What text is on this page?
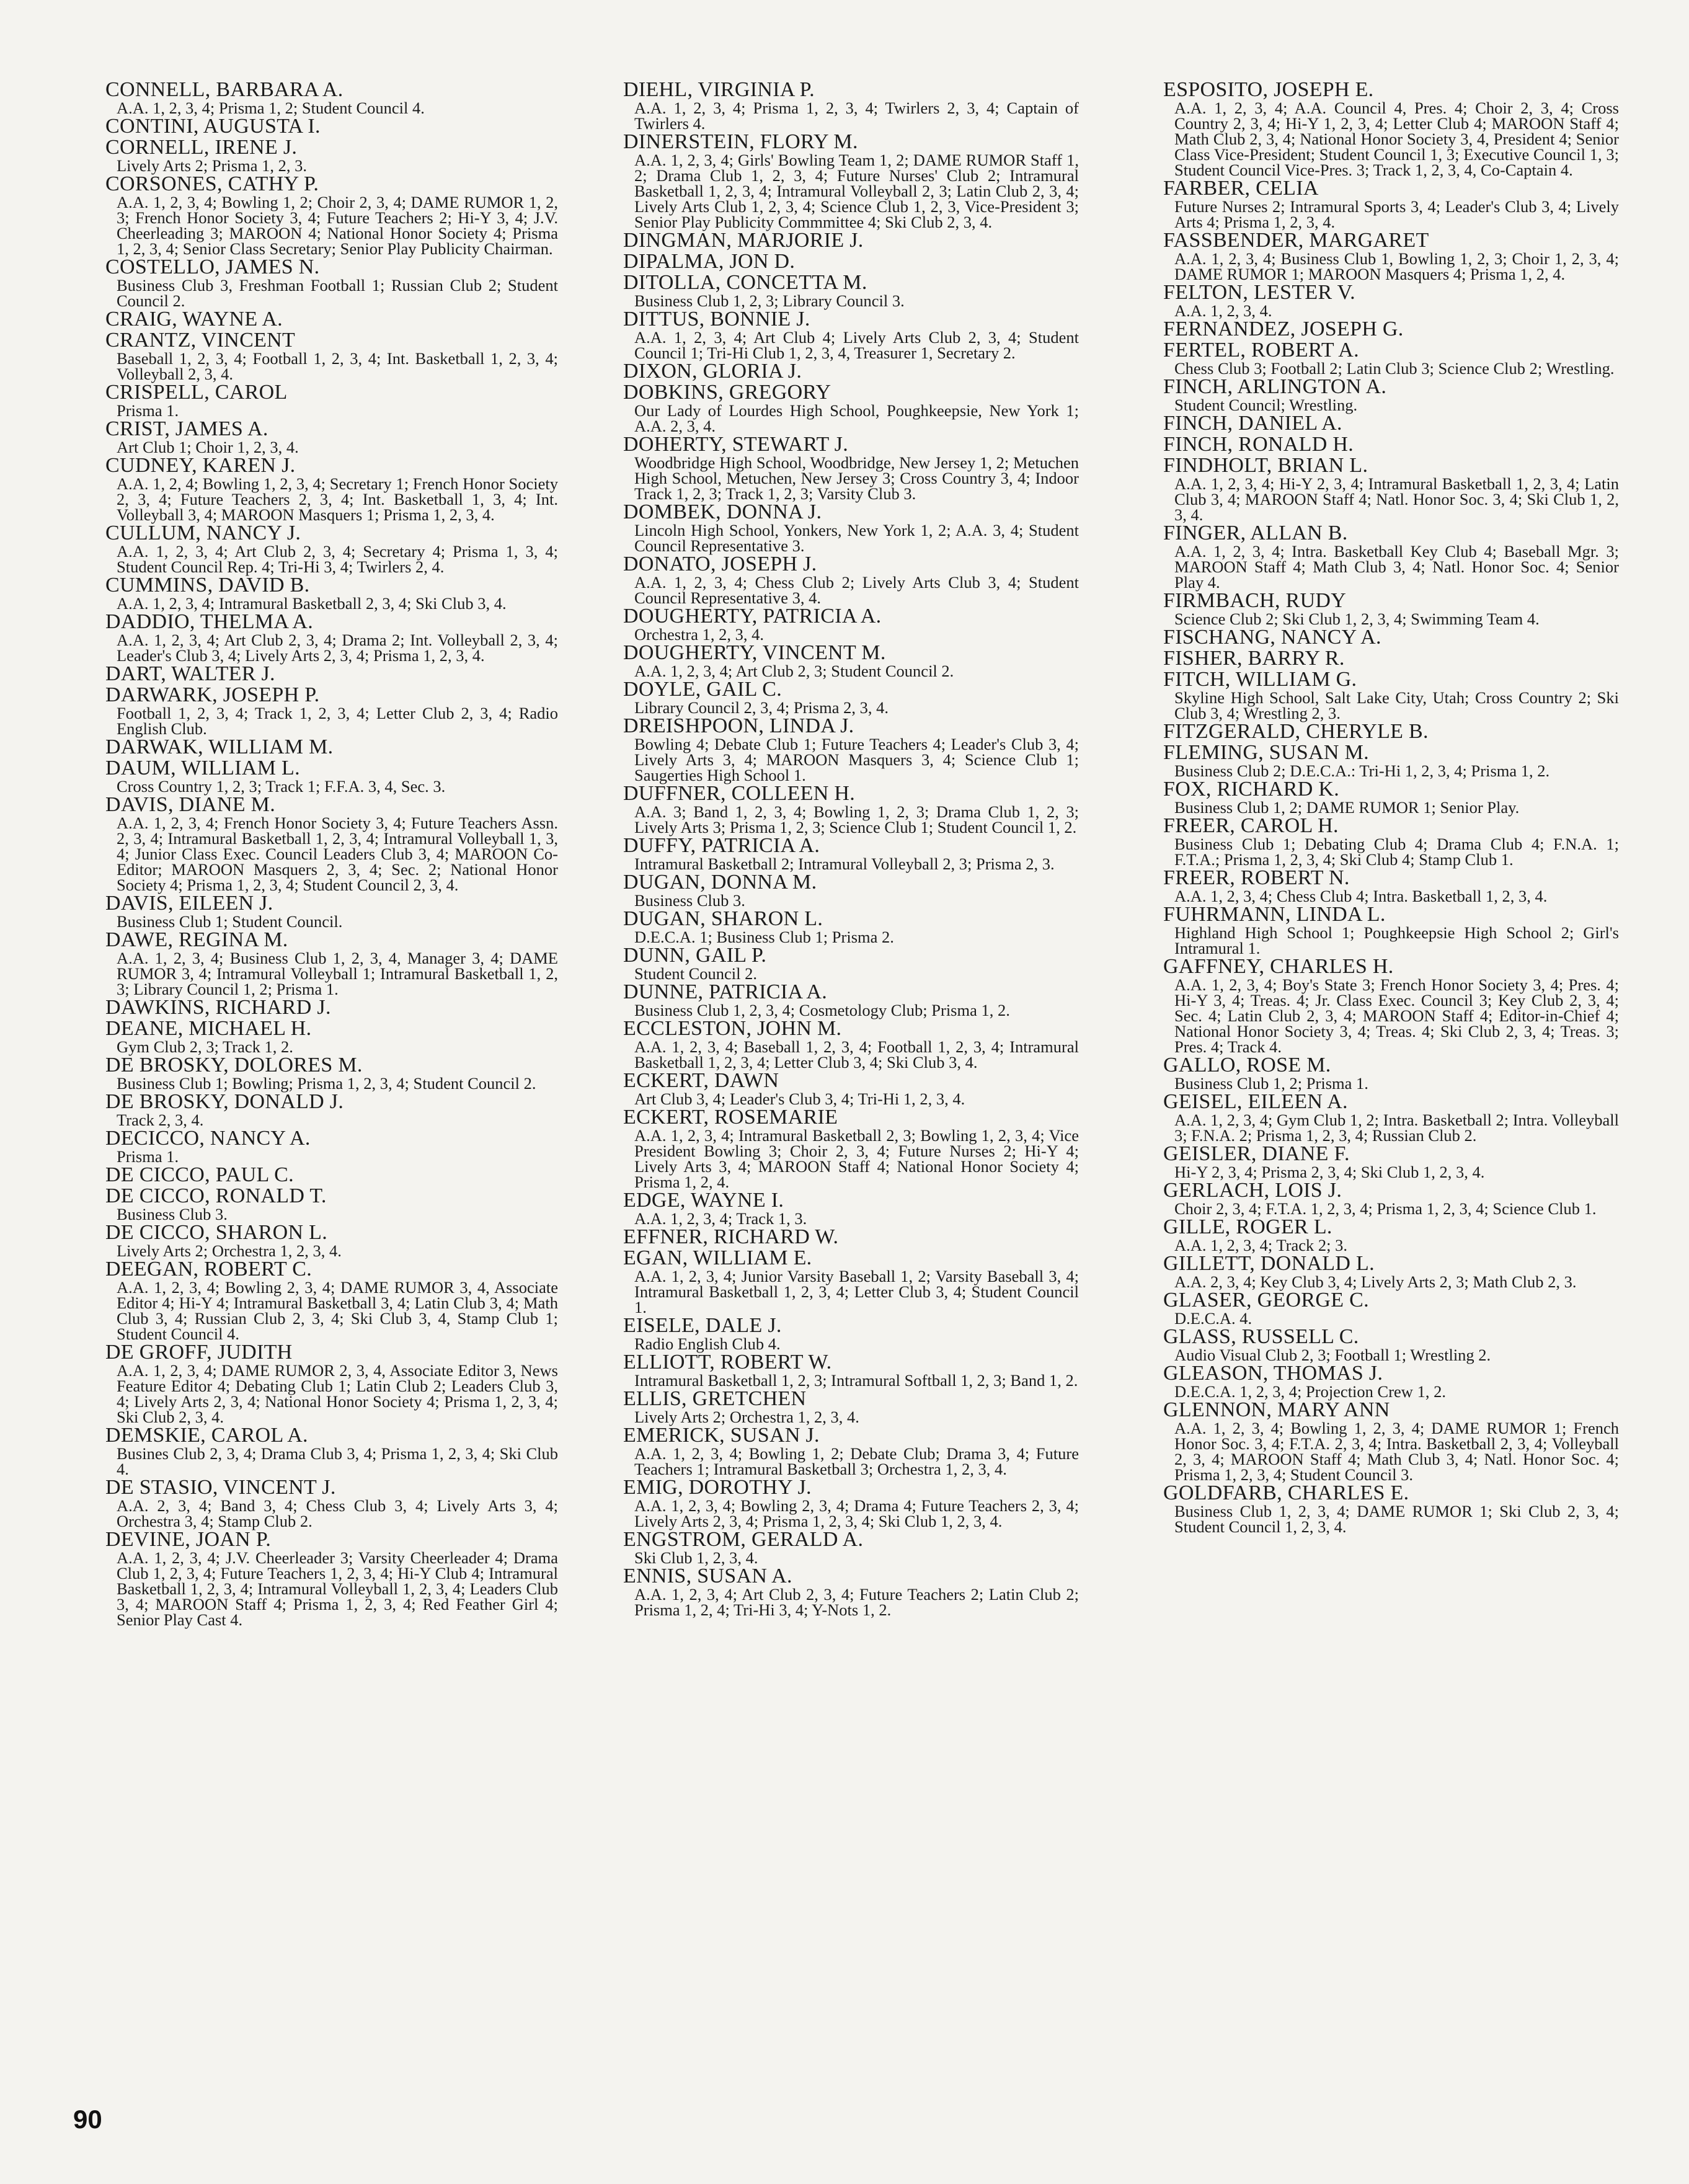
CONNELL, BARBARA A.

A.A. 1, 2, 3, 4; Prisma 1, 2; Student Council 4.

CONTINI, AUGUSTA I.

CORNELL, IRENE J.

Lively Arts 2; Prisma 1, 2, 3.

CORSONES, CATHY P.

A.A. 1, 2, 3, 4; Bowling 1, 2; Choir 2, 3, 4; DAME RUMOR 1, 2, 3; French Honor Society 3, 4; Future Teachers 2; Hi-Y 3, 4; J.V. Cheerleading 3; MAROON 4; National Honor Society 4; Prisma 1, 2, 3, 4; Senior Class Secretary; Senior Play Publicity Chairman.

COSTELLO, JAMES N.

Business Club 3, Freshman Football 1; Russian Club 2; Student Council 2.

CRAIG, WAYNE A.

CRANTZ, VINCENT

Baseball 1, 2, 3, 4; Football 1, 2, 3, 4; Int. Basketball 1, 2, 3, 4; Volleyball 2, 3, 4.

CRISPELL, CAROL

Prisma 1.

CRIST, JAMES A.

Art Club 1; Choir 1, 2, 3, 4.

CUDNEY, KAREN J.

A.A. 1, 2, 4; Bowling 1, 2, 3, 4; Secretary 1; French Honor Society 2, 3, 4; Future Teachers 2, 3, 4; Int. Basketball 1, 3, 4; Int. Volleyball 3, 4; MAROON Masquers 1; Prisma 1, 2, 3, 4.

CULLUM, NANCY J.

A.A. 1, 2, 3, 4; Art Club 2, 3, 4; Secretary 4; Prisma 1, 3, 4; Student Council Rep. 4; Tri-Hi 3, 4; Twirlers 2, 4.

CUMMINS, DAVID B.

A.A. 1, 2, 3, 4; Intramural Basketball 2, 3, 4; Ski Club 3, 4.

DADDIO, THELMA A.

A.A. 1, 2, 3, 4; Art Club 2, 3, 4; Drama 2; Int. Volleyball 2, 3, 4; Leader's Club 3, 4; Lively Arts 2, 3, 4; Prisma 1, 2, 3, 4.

DART, WALTER J.

DARWARK, JOSEPH P.

Football 1, 2, 3, 4; Track 1, 2, 3, 4; Letter Club 2, 3, 4; Radio English Club.

DARWAK, WILLIAM M.

DAUM, WILLIAM L.

Cross Country 1, 2, 3; Track 1; F.F.A. 3, 4, Sec. 3.

DAVIS, DIANE M.

A.A. 1, 2, 3, 4; French Honor Society 3, 4; Future Teachers Assn. 2, 3, 4; Intramural Basketball 1, 2, 3, 4; Intramural Volleyball 1, 3, 4; Junior Class Exec. Council Leaders Club 3, 4; MAROON Co-Editor; MAROON Masquers 2, 3, 4; Sec. 2; National Honor Society 4; Prisma 1, 2, 3, 4; Student Council 2, 3, 4.

DAVIS, EILEEN J.

Business Club 1; Student Council.

DAWE, REGINA M.

A.A. 1, 2, 3, 4; Business Club 1, 2, 3, 4, Manager 3, 4; DAME RUMOR 3, 4; Intramural Volleyball 1; Intramural Basketball 1, 2, 3; Library Council 1, 2; Prisma 1.

DAWKINS, RICHARD J.

DEANE, MICHAEL H.

Gym Club 2, 3; Track 1, 2.

DE BROSKY, DOLORES M.

Business Club 1; Bowling; Prisma 1, 2, 3, 4; Student Council 2.

DE BROSKY, DONALD J.

Track 2, 3, 4.

DECICCO, NANCY A.

Prisma 1.

DE CICCO, PAUL C.

DE CICCO, RONALD T.

Business Club 3.

DE CICCO, SHARON L.

Lively Arts 2; Orchestra 1, 2, 3, 4.

DEEGAN, ROBERT C.

A.A. 1, 2, 3, 4; Bowling 2, 3, 4; DAME RUMOR 3, 4, Associate Editor 4; Hi-Y 4; Intramural Basketball 3, 4; Latin Club 3, 4; Math Club 3, 4; Russian Club 2, 3, 4; Ski Club 3, 4, Stamp Club 1; Student Council 4.

DE GROFF, JUDITH

A.A. 1, 2, 3, 4; DAME RUMOR 2, 3, 4, Associate Editor 3, News Feature Editor 4; Debating Club 1; Latin Club 2; Leaders Club 3, 4; Lively Arts 2, 3, 4; National Honor Society 4; Prisma 1, 2, 3, 4; Ski Club 2, 3, 4.

DEMSKIE, CAROL A.

Busines Club 2, 3, 4; Drama Club 3, 4; Prisma 1, 2, 3, 4; Ski Club 4.

DE STASIO, VINCENT J.

A.A. 2, 3, 4; Band 3, 4; Chess Club 3, 4; Lively Arts 3, 4; Orchestra 3, 4; Stamp Club 2.

DEVINE, JOAN P.

A.A. 1, 2, 3, 4; J.V. Cheerleader 3; Varsity Cheerleader 4; Drama Club 1, 2, 3, 4; Future Teachers 1, 2, 3, 4; Hi-Y Club 4; Intramural Basketball 1, 2, 3, 4; Intramural Volleyball 1, 2, 3, 4; Leaders Club 3, 4; MAROON Staff 4; Prisma 1, 2, 3, 4; Red Feather Girl 4; Senior Play Cast 4.

DIEHL, VIRGINIA P.

A.A. 1, 2, 3, 4; Prisma 1, 2, 3, 4; Twirlers 2, 3, 4; Captain of Twirlers 4.

DINERSTEIN, FLORY M.

A.A. 1, 2, 3, 4; Girls' Bowling Team 1, 2; DAME RUMOR Staff 1, 2; Drama Club 1, 2, 3, 4; Future Nurses' Club 2; Intramural Basketball 1, 2, 3, 4; Intramural Volleyball 2, 3; Latin Club 2, 3, 4; Lively Arts Club 1, 2, 3, 4; Science Club 1, 2, 3, Vice-President 3; Senior Play Publicity Commmittee 4; Ski Club 2, 3, 4.

DINGMAN, MARJORIE J.

DIPALMA, JON D.

DITOLLA, CONCETTA M.

Business Club 1, 2, 3; Library Council 3.

DITTUS, BONNIE J.

A.A. 1, 2, 3, 4; Art Club 4; Lively Arts Club 2, 3, 4; Student Council 1; Tri-Hi Club 1, 2, 3, 4, Treasurer 1, Secretary 2.

DIXON, GLORIA J.

DOBKINS, GREGORY

Our Lady of Lourdes High School, Poughkeepsie, New York 1; A.A. 2, 3, 4.

DOHERTY, STEWART J.

Woodbridge High School, Woodbridge, New Jersey 1, 2; Metuchen High School, Metuchen, New Jersey 3; Cross Country 3, 4; Indoor Track 1, 2, 3; Track 1, 2, 3; Varsity Club 3.

DOMBEK, DONNA J.

Lincoln High School, Yonkers, New York 1, 2; A.A. 3, 4; Student Council Representative 3.

DONATO, JOSEPH J.

A.A. 1, 2, 3, 4; Chess Club 2; Lively Arts Club 3, 4; Student Council Representative 3, 4.

DOUGHERTY, PATRICIA A.

Orchestra 1, 2, 3, 4.

DOUGHERTY, VINCENT M.

A.A. 1, 2, 3, 4; Art Club 2, 3; Student Council 2.

DOYLE, GAIL C.

Library Council 2, 3, 4; Prisma 2, 3, 4.

DREISHPOON, LINDA J.

Bowling 4; Debate Club 1; Future Teachers 4; Leader's Club 3, 4; Lively Arts 3, 4; MAROON Masquers 3, 4; Science Club 1; Saugerties High School 1.

DUFFNER, COLLEEN H.

A.A. 3; Band 1, 2, 3, 4; Bowling 1, 2, 3; Drama Club 1, 2, 3; Lively Arts 3; Prisma 1, 2, 3; Science Club 1; Student Council 1, 2.

DUFFY, PATRICIA A.

Intramural Basketball 2; Intramural Volleyball 2, 3; Prisma 2, 3.

DUGAN, DONNA M.

Business Club 3.

DUGAN, SHARON L.

D.E.C.A. 1; Business Club 1; Prisma 2.

DUNN, GAIL P.

Student Council 2.

DUNNE, PATRICIA A.

Business Club 1, 2, 3, 4; Cosmetology Club; Prisma 1, 2.

ECCLESTON, JOHN M.

A.A. 1, 2, 3, 4; Baseball 1, 2, 3, 4; Football 1, 2, 3, 4; Intramural Basketball 1, 2, 3, 4; Letter Club 3, 4; Ski Club 3, 4.

ECKERT, DAWN

Art Club 3, 4; Leader's Club 3, 4; Tri-Hi 1, 2, 3, 4.

ECKERT, ROSEMARIE

A.A. 1, 2, 3, 4; Intramural Basketball 2, 3; Bowling 1, 2, 3, 4; Vice President Bowling 3; Choir 2, 3, 4; Future Nurses 2; Hi-Y 4; Lively Arts 3, 4; MAROON Staff 4; National Honor Society 4; Prisma 1, 2, 4.

EDGE, WAYNE I.

A.A. 1, 2, 3, 4; Track 1, 3.

EFFNER, RICHARD W.

EGAN, WILLIAM E.

A.A. 1, 2, 3, 4; Junior Varsity Baseball 1, 2; Varsity Baseball 3, 4; Intramural Basketball 1, 2, 3, 4; Letter Club 3, 4; Student Council 1.

EISELE, DALE J.

Radio English Club 4.

ELLIOTT, ROBERT W.

Intramural Basketball 1, 2, 3; Intramural Softball 1, 2, 3; Band 1, 2.

ELLIS, GRETCHEN

Lively Arts 2; Orchestra 1, 2, 3, 4.

EMERICK, SUSAN J.

A.A. 1, 2, 3, 4; Bowling 1, 2; Debate Club; Drama 3, 4; Future Teachers 1; Intramural Basketball 3; Orchestra 1, 2, 3, 4.

EMIG, DOROTHY J.

A.A. 1, 2, 3, 4; Bowling 2, 3, 4; Drama 4; Future Teachers 2, 3, 4; Lively Arts 2, 3, 4; Prisma 1, 2, 3, 4; Ski Club 1, 2, 3, 4.

ENGSTROM, GERALD A.

Ski Club 1, 2, 3, 4.

ENNIS, SUSAN A.

A.A. 1, 2, 3, 4; Art Club 2, 3, 4; Future Teachers 2; Latin Club 2; Prisma 1, 2, 4; Tri-Hi 3, 4; Y-Nots 1, 2.

ESPOSITO, JOSEPH E.

A.A. 1, 2, 3, 4; A.A. Council 4, Pres. 4; Choir 2, 3, 4; Cross Country 2, 3, 4; Hi-Y 1, 2, 3, 4; Letter Club 4; MAROON Staff 4; Math Club 2, 3, 4; National Honor Society 3, 4, President 4; Senior Class Vice-President; Student Council 1, 3; Executive Council 1, 3; Student Council Vice-Pres. 3; Track 1, 2, 3, 4, Co-Captain 4.

FARBER, CELIA

Future Nurses 2; Intramural Sports 3, 4; Leader's Club 3, 4; Lively Arts 4; Prisma 1, 2, 3, 4.

FASSBENDER, MARGARET

A.A. 1, 2, 3, 4; Business Club 1, Bowling 1, 2, 3; Choir 1, 2, 3, 4; DAME RUMOR 1; MAROON Masquers 4; Prisma 1, 2, 4.

FELTON, LESTER V.

A.A. 1, 2, 3, 4.

FERNANDEZ, JOSEPH G.

FERTEL, ROBERT A.

Chess Club 3; Football 2; Latin Club 3; Science Club 2; Wrestling.

FINCH, ARLINGTON A.

Student Council; Wrestling.

FINCH, DANIEL A.

FINCH, RONALD H.

FINDHOLT, BRIAN L.

A.A. 1, 2, 3, 4; Hi-Y 2, 3, 4; Intramural Basketball 1, 2, 3, 4; Latin Club 3, 4; MAROON Staff 4; Natl. Honor Soc. 3, 4; Ski Club 1, 2, 3, 4.

FINGER, ALLAN B.

A.A. 1, 2, 3, 4; Intra. Basketball Key Club 4; Baseball Mgr. 3; MAROON Staff 4; Math Club 3, 4; Natl. Honor Soc. 4; Senior Play 4.

FIRMBACH, RUDY

Science Club 2; Ski Club 1, 2, 3, 4; Swimming Team 4.

FISCHANG, NANCY A.

FISHER, BARRY R.

FITCH, WILLIAM G.

Skyline High School, Salt Lake City, Utah; Cross Country 2; Ski Club 3, 4; Wrestling 2, 3.

FITZGERALD, CHERYLE B.

FLEMING, SUSAN M.

Business Club 2; D.E.C.A.: Tri-Hi 1, 2, 3, 4; Prisma 1, 2.

FOX, RICHARD K.

Business Club 1, 2; DAME RUMOR 1; Senior Play.

FREER, CAROL H.

Business Club 1; Debating Club 4; Drama Club 4; F.N.A. 1; F.T.A.; Prisma 1, 2, 3, 4; Ski Club 4; Stamp Club 1.

FREER, ROBERT N.

A.A. 1, 2, 3, 4; Chess Club 4; Intra. Basketball 1, 2, 3, 4.

FUHRMANN, LINDA L.

Highland High School 1; Poughkeepsie High School 2; Girl's Intramural 1.

GAFFNEY, CHARLES H.

A.A. 1, 2, 3, 4; Boy's State 3; French Honor Society 3, 4; Pres. 4; Hi-Y 3, 4; Treas. 4; Jr. Class Exec. Council 3; Key Club 2, 3, 4; Sec. 4; Latin Club 2, 3, 4; MAROON Staff 4; Editor-in-Chief 4; National Honor Society 3, 4; Treas. 4; Ski Club 2, 3, 4; Treas. 3; Pres. 4; Track 4.

GALLO, ROSE M.

Business Club 1, 2; Prisma 1.

GEISEL, EILEEN A.

A.A. 1, 2, 3, 4; Gym Club 1, 2; Intra. Basketball 2; Intra. Volleyball 3; F.N.A. 2; Prisma 1, 2, 3, 4; Russian Club 2.

GEISLER, DIANE F.

Hi-Y 2, 3, 4; Prisma 2, 3, 4; Ski Club 1, 2, 3, 4.

GERLACH, LOIS J.

Choir 2, 3, 4; F.T.A. 1, 2, 3, 4; Prisma 1, 2, 3, 4; Science Club 1.

GILLE, ROGER L.

A.A. 1, 2, 3, 4; Track 2; 3.

GILLETT, DONALD L.

A.A. 2, 3, 4; Key Club 3, 4; Lively Arts 2, 3; Math Club 2, 3.

GLASER, GEORGE C.

D.E.C.A. 4.

GLASS, RUSSELL C.

Audio Visual Club 2, 3; Football 1; Wrestling 2.

GLEASON, THOMAS J.

D.E.C.A. 1, 2, 3, 4; Projection Crew 1, 2.

GLENNON, MARY ANN

A.A. 1, 2, 3, 4; Bowling 1, 2, 3, 4; DAME RUMOR 1; French Honor Soc. 3, 4; F.T.A. 2, 3, 4; Intra. Basketball 2, 3, 4; Volleyball 2, 3, 4; MAROON Staff 4; Math Club 3, 4; Natl. Honor Soc. 4; Prisma 1, 2, 3, 4; Student Council 3.

GOLDFARB, CHARLES E.

Business Club 1, 2, 3, 4; DAME RUMOR 1; Ski Club 2, 3, 4; Student Council 1, 2, 3, 4.

90
